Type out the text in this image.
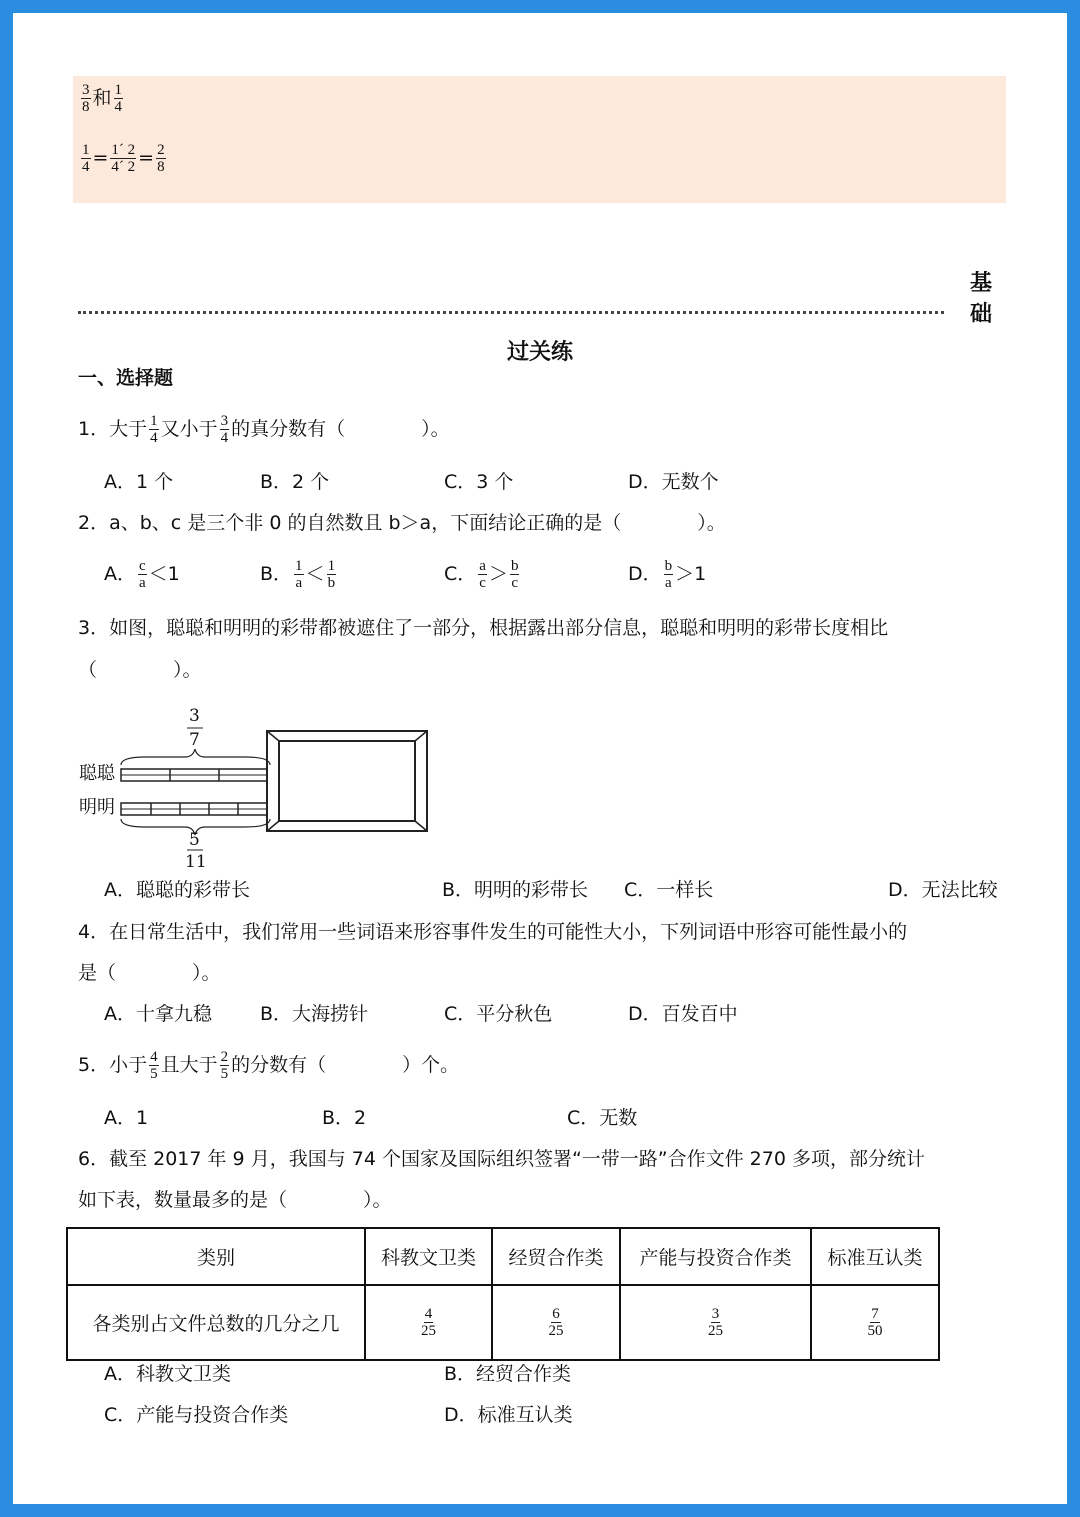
$\frac{3}{8}$ 和 $\frac{1}{4}$
$\frac{1}{4} = \frac{1´ 2}{4´ 2} = \frac{2}{8}$
基
础
过关练
一、选择题
1．大于 $\frac{1}{4}$ 又小于 $\frac{3}{4}$ 的真分数有（　　　　）。
A．1 个	B．2 个	C．3 个	D．无数个
2．a、b、c 是三个非 0 的自然数且 b＞a，下面结论正确的是（　　　　）。
A． $\frac{c}{a} <1$	B． $\frac{1}{a} < \frac{1}{b}$	C． $\frac{a}{c} > \frac{b}{c}$	D． $\frac{b}{a} >1$
3．如图，聪聪和明明的彩带都被遮住了一部分，根据露出部分信息，聪聪和明明的彩带长度相比
（　　　　）。
3
7
5
11
聪聪
明明
A．聪聪的彩带长	B．明明的彩带长 C．一样长	D．无法比较
4．在日常生活中，我们常用一些词语来形容事件发生的可能性大小，下列词语中形容可能性最小的
是（　　　　）。
A．十拿九稳	B．大海捞针	C．平分秋色	D．百发百中
5．小于 $\frac{4}{5}$ 且大于 $\frac{2}{5}$ 的分数有（　　　　）个。
A．1	B．2	C．无数
6．截至 2017 年 9 月，我国与 74 个国家及国际组织签署“一带一路”合作文件 270 多项，部分统计
如下表，数量最多的是（　　　　）。
类别	科教文卫类	经贸合作类	产能与投资合作类	标准互认类
各类别占文件总数的几分之几	$\frac{4}{25}$	$\frac{6}{25}$	$\frac{3}{25}$	$\frac{7}{50}$
A．科教文卫类	B．经贸合作类
C．产能与投资合作类	D．标准互认类
